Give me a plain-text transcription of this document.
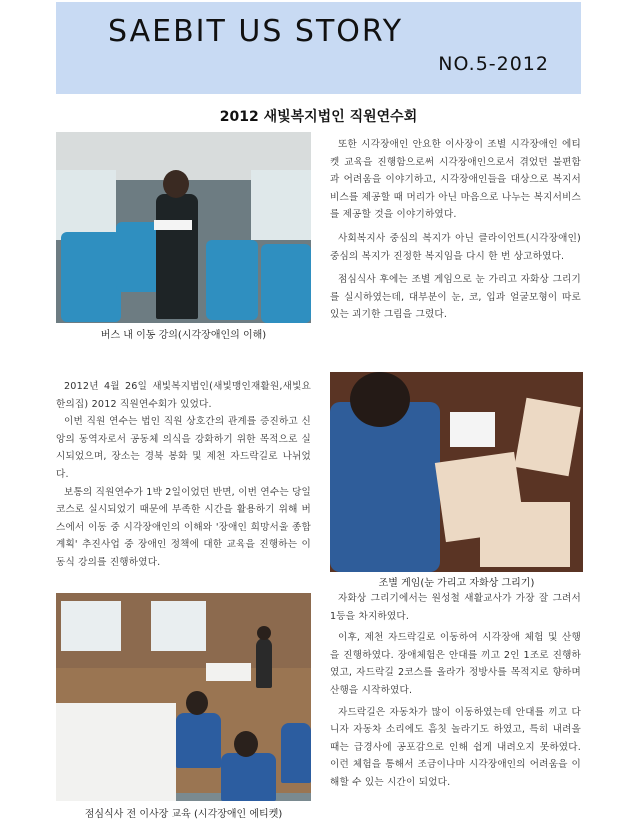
SAEBIT US STORY
NO.5-2012
2012 새빛복지법인 직원연수회
버스 내 이동 강의(시각장애인의 이해)

또한 시각장애인 안요한 이사장이 조별 시각장애인 에티켓 교육을 진행함으로써 시각장애인으로서 겪었던 불편함과 어려움을 이야기하고, 시각장애인들을 대상으로 복지서비스를 제공할 때 머리가 아닌 마음으로 나누는 복지서비스를 제공할 것을 이야기하였다.

사회복지사 중심의 복지가 아닌 클라이언트(시각장애인)중심의 복지가 진정한 복지임을 다시 한 번 상고하였다.

점심식사 후에는 조별 게임으로 눈 가리고 자화상 그리기를 실시하였는데, 대부분이 눈, 코, 입과 얼굴모형이 따로 있는 괴기한 그림을 그렸다.

2012년 4월 26일 새빛복지법인(새빛맹인재활원,새빛요한의집) 2012 직원연수회가 있었다.

이번 직원 연수는 법인 직원 상호간의 관계를 증진하고 신앙의 동역자로서 공동체 의식을 강화하기 위한 목적으로 실시되었으며, 장소는 경북 봉화 및 제천 자드락길로 나뉘었다.

보통의 직원연수가 1박 2일이었던 반면, 이번 연수는 당일 코스로 실시되었기 때문에 부족한 시간을 활용하기 위해 버스에서 이동 중 시각장애인의 이해와 '장애인 희망서울 종합계획' 추진사업 중 장애인 정책에 대한 교육을 진행하는 이동식 강의를 진행하였다.

조별 게임(눈 가리고 자화상 그리기)

자화상 그리기에서는 원성철 새활교사가 가장 잘 그려서 1등을 차지하였다.

이후, 제천 자드락길로 이동하여 시각장애 체험 및 산행을 진행하였다. 장애체험은 안대를 끼고 2인 1조로 진행하였고, 자드락길 2코스를 올라가 정방사를 목적지로 향하며 산행을 시작하였다.

자드락길은 자동차가 많이 이동하였는데 안대를 끼고 다니자 자동차 소리에도 흠칫 놀라기도 하였고, 특히 내려올 때는 급경사에 공포감으로 인해 쉽게 내려오지 못하였다. 이런 체험을 통해서 조금이나마 시각장애인의 어려움을 이해할 수 있는 시간이 되었다.

점심식사 전 이사장 교육 (시각장애인 에티켓)
